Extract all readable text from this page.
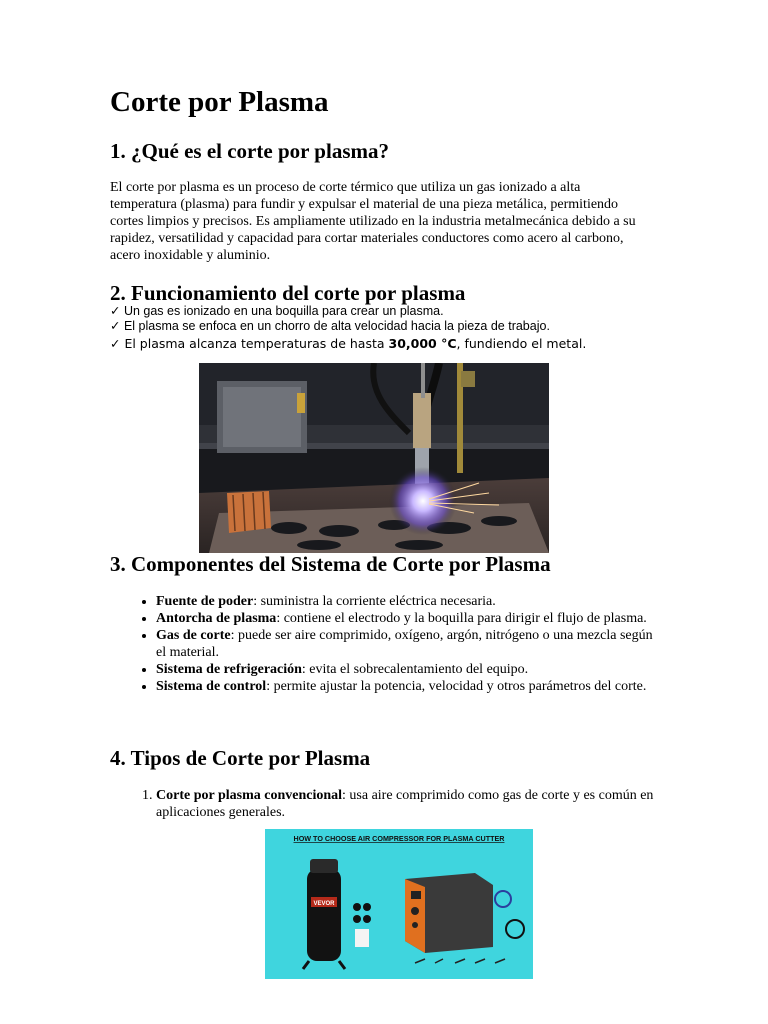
Corte por Plasma
1. ¿Qué es el corte por plasma?

El corte por plasma es un proceso de corte térmico que utiliza un gas ionizado a alta temperatura (plasma) para fundir y expulsar el material de una pieza metálica, permitiendo cortes limpios y precisos. Es ampliamente utilizado en la industria metalmecánica debido a su rapidez, versatilidad y capacidad para cortar materiales conductores como acero al carbono, acero inoxidable y aluminio.

2. Funcionamiento del corte por plasma
✓ Un gas es ionizado en una boquilla para crear un plasma.
✓ El plasma se enfoca en un chorro de alta velocidad hacia la pieza de trabajo.
✓ El plasma alcanza temperaturas de hasta 30,000 °C, fundiendo el metal.
3. Componentes del Sistema de Corte por Plasma
• Fuente de poder: suministra la corriente eléctrica necesaria.
• Antorcha de plasma: contiene el electrodo y la boquilla para dirigir el flujo de plasma.
• Gas de corte: puede ser aire comprimido, oxígeno, argón, nitrógeno o una mezcla según el material.
• Sistema de refrigeración: evita el sobrecalentamiento del equipo.
• Sistema de control: permite ajustar la potencia, velocidad y otros parámetros del corte.
4. Tipos de Corte por Plasma
1. Corte por plasma convencional: usa aire comprimido como gas de corte y es común en aplicaciones generales.
HOW TO CHOOSE AIR COMPRESSOR FOR PLASMA CUTTER
VEVOR
